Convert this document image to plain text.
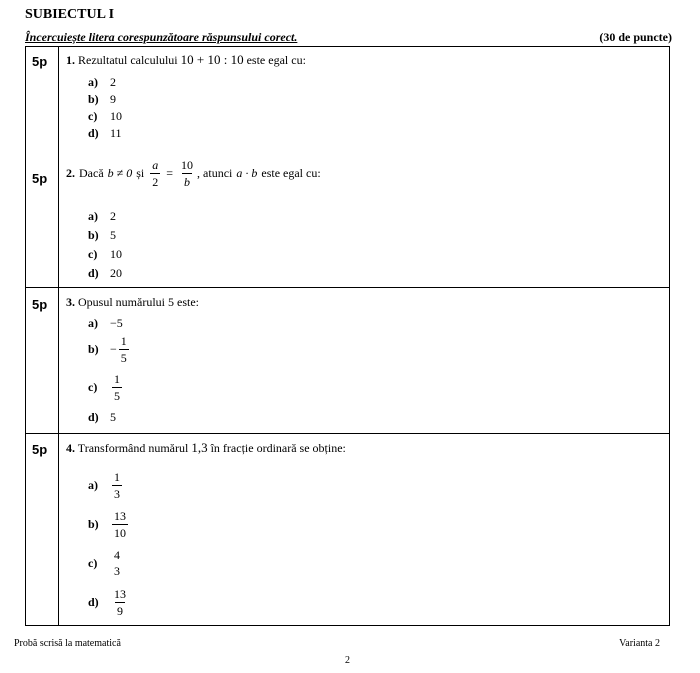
SUBIECTUL I
Încercuiește litera corespunzătoare răspunsului corect.	(30 de puncte)
5p 1. Rezultatul calculului 10 + 10 : 10 este egal cu:
a)	2
b) 9
c)	10
d) 11
5p 2. Dacă b ≠ 0 și $\frac{a}{2} = \frac{10}{b}$ , atunci a · b este egal cu:
a)	2
b) 5
c)	10
d) 20
5p 3. Opusul numărului 5 este:
a)	−5
$b) - \frac{1}{5}$
c)	$\frac{1}{5}$
d) 5
5p 4. Transformând numărul 1,3 în fracție ordinară se obține:
a)	$\frac{1}{3}$
b)	$\frac{13}{10}$
c)
4
3
d)	$\frac{13}{9}$
Probă scrisă la matematică	Varianta 2
2
